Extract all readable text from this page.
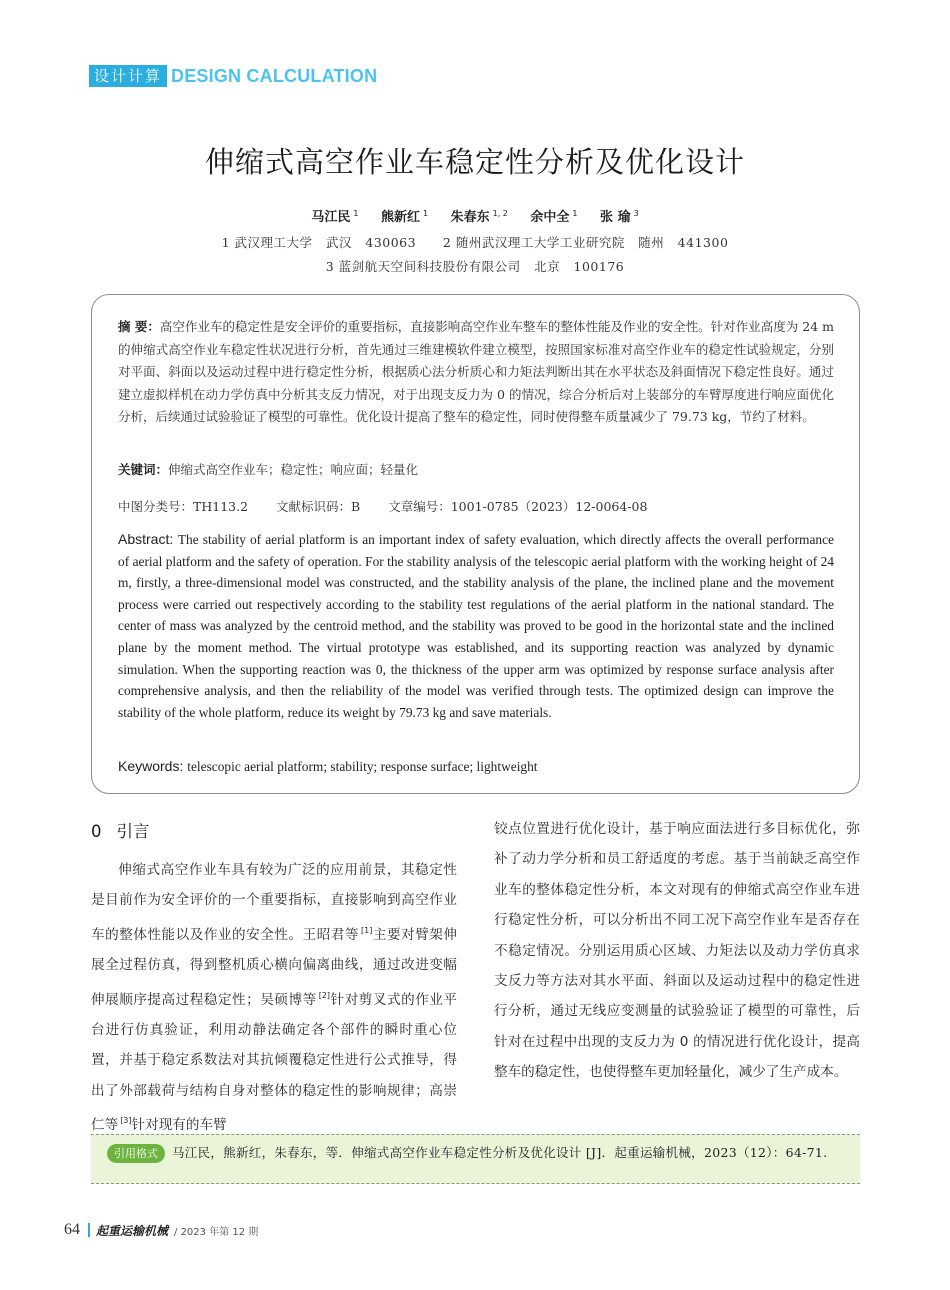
设计计算 DESIGN CALCULATION
伸缩式高空作业车稳定性分析及优化设计
马江民 $^1$ 熊新红 $^1$ 朱春东 $^{1, 2}$ 余中全 $^1$ 张 瑜 $^3$
1 武汉理工大学   武汉   430063      2 随州武汉理工大学工业研究院   随州   441300
3 蓝剑航天空间科技股份有限公司   北京   100176
摘 要：高空作业车的稳定性是安全评价的重要指标，直接影响高空作业车整车的整体性能及作业的安全性。针对作业高度为 24 m 的伸缩式高空作业车稳定性状况进行分析，首先通过三维建模软件建立模型，按照国家标准对高空作业车的稳定性试验规定，分别对平面、斜面以及运动过程中进行稳定性分析，根据质心法分析质心和力矩法判断出其在水平状态及斜面情况下稳定性良好。通过建立虚拟样机在动力学仿真中分析其支反力情况，对于出现支反力为 0 的情况，综合分析后对上装部分的车臂厚度进行响应面优化分析，后续通过试验验证了模型的可靠性。优化设计提高了整车的稳定性，同时使得整车质量减少了 79.73 kg，节约了材料。
关键词：伸缩式高空作业车；稳定性；响应面；轻量化
中图分类号：TH113.2 文献标识码：B 文章编号：1001-0785（2023）12-0064-08
Abstract: The stability of aerial platform is an important index of safety evaluation, which directly affects the overall performance of aerial platform and the safety of operation. For the stability analysis of the telescopic aerial platform with the working height of 24 m, firstly, a three-dimensional model was constructed, and the stability analysis of the plane, the inclined plane and the movement process were carried out respectively according to the stability test regulations of the aerial platform in the national standard. The center of mass was analyzed by the centroid method, and the stability was proved to be good in the horizontal state and the inclined plane by the moment method. The virtual prototype was established, and its supporting reaction was analyzed by dynamic simulation. When the supporting reaction was 0, the thickness of the upper arm was optimized by response surface analysis after comprehensive analysis, and then the reliability of the model was verified through tests. The optimized design can improve the stability of the whole platform, reduce its weight by 79.73 kg and save materials.
Keywords: telescopic aerial platform; stability; response surface; lightweight
0 引言
伸缩式高空作业车具有较为广泛的应用前景，其稳定性是目前作为安全评价的一个重要指标，直接影响到高空作业车的整体性能以及作业的安全性。王昭君等 [1]主要对臂架伸展全过程仿真，得到整机质心横向偏离曲线，通过改进变幅伸展顺序提高过程稳定性；吴硕博等 [2]针对剪叉式的作业平台进行仿真验证，利用动静法确定各个部件的瞬时重心位置，并基于稳定系数法对其抗倾覆稳定性进行公式推导，得出了外部载荷与结构自身对整体的稳定性的影响规律；高崇仁等 [3]针对现有的车臂
铰点位置进行优化设计，基于响应面法进行多目标优化，弥补了动力学分析和员工舒适度的考虑。基于当前缺乏高空作业车的整体稳定性分析，本文对现有的伸缩式高空作业车进行稳定性分析，可以分析出不同工况下高空作业车是否存在不稳定情况。分别运用质心区域、力矩法以及动力学仿真求支反力等方法对其水平面、斜面以及运动过程中的稳定性进行分析，通过无线应变测量的试验验证了模型的可靠性，后针对在过程中出现的支反力为 0 的情况进行优化设计，提高整车的稳定性，也使得整车更加轻量化，减少了生产成本。
引用格式	马江民，熊新红，朱春东，等．伸缩式高空作业车稳定性分析及优化设计 [J]．起重运输机械，2023（12）：64-71.
64 起重运输机械 / 2023 年第 12 期
